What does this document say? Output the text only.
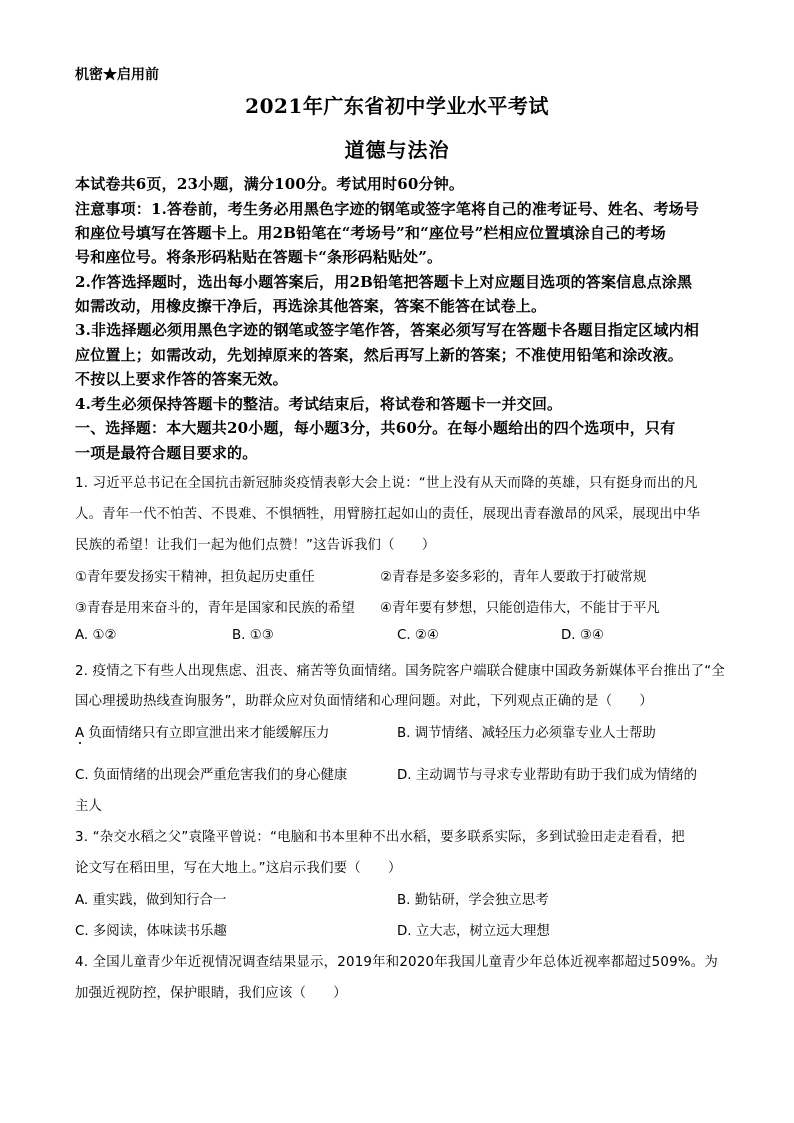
机密★启用前
2021年广东省初中学业水平考试
道德与法治
本试卷共6页，23小题，满分100分。考试用时60分钟。
注意事项：1.答卷前，考生务必用黑色字迹的钢笔或签字笔将自己的准考证号、姓名、考场号
和座位号填写在答题卡上。用2B铅笔在“考场号”和“座位号”栏相应位置填涂自己的考场
号和座位号。将条形码粘贴在答题卡“条形码粘贴处”。
2.作答选择题时，选出每小题答案后，用2B铅笔把答题卡上对应题目选项的答案信息点涂黑
如需改动，用橡皮擦干净后，再选涂其他答案，答案不能答在试卷上。
3.非选择题必须用黑色字迹的钢笔或签字笔作答，答案必须写写在答题卡各题目指定区域内相
应位置上；如需改动，先划掉原来的答案，然后再写上新的答案；不准使用铅笔和涂改液。
不按以上要求作答的答案无效。
4.考生必须保持答题卡的整洁。考试结束后，将试卷和答题卡一并交回。
一、选择题：本大题共20小题，每小题3分，共60分。在每小题给出的四个选项中，只有
一项是最符合题目要求的。
1. 习近平总书记在全国抗击新冠肺炎疫情表彰大会上说：“世上没有从天而降的英雄，只有挺身而出的凡
人。青年一代不怕苦、不畏难、不惧牺牲，用臂膀扛起如山的责任，展现出青春激昂的风采，展现出中华
民族的希望！让我们一起为他们点赞！”这告诉我们（　　）
①青年要发扬实干精神，担负起历史重任	②青春是多姿多彩的，青年人要敢于打破常规
③青春是用来奋斗的，青年是国家和民族的希望 ④青年要有梦想，只能创造伟大，不能甘于平凡
A. ①②	B. ①③	C. ②④	D. ③④
2. 疫情之下有些人出现焦虑、沮丧、痛苦等负面情绪。国务院客户端联合健康中国政务新媒体平台推出了“全
国心理援助热线查询服务”，助群众应对负面情绪和心理问题。对此，下列观点正确的是（　　）
A 负面情绪只有立即宣泄出来才能缓解压力	B. 调节情绪、减轻压力必须靠专业人士帮助
C. 负面情绪的出现会严重危害我们的身心健康	D. 主动调节与寻求专业帮助有助于我们成为情绪的
主人
3. “杂交水稻之父”袁隆平曾说：“电脑和书本里种不出水稻，要多联系实际，多到试验田走走看看，把
论文写在稻田里，写在大地上。”这启示我们要（　　）
A. 重实践，做到知行合一	B. 勤钻研，学会独立思考
C. 多阅读，体味读书乐趣	D. 立大志，树立远大理想
4. 全国儿童青少年近视情况调查结果显示，2019年和2020年我国儿童青少年总体近视率都超过509%。为
加强近视防控，保护眼睛，我们应该（　　）
